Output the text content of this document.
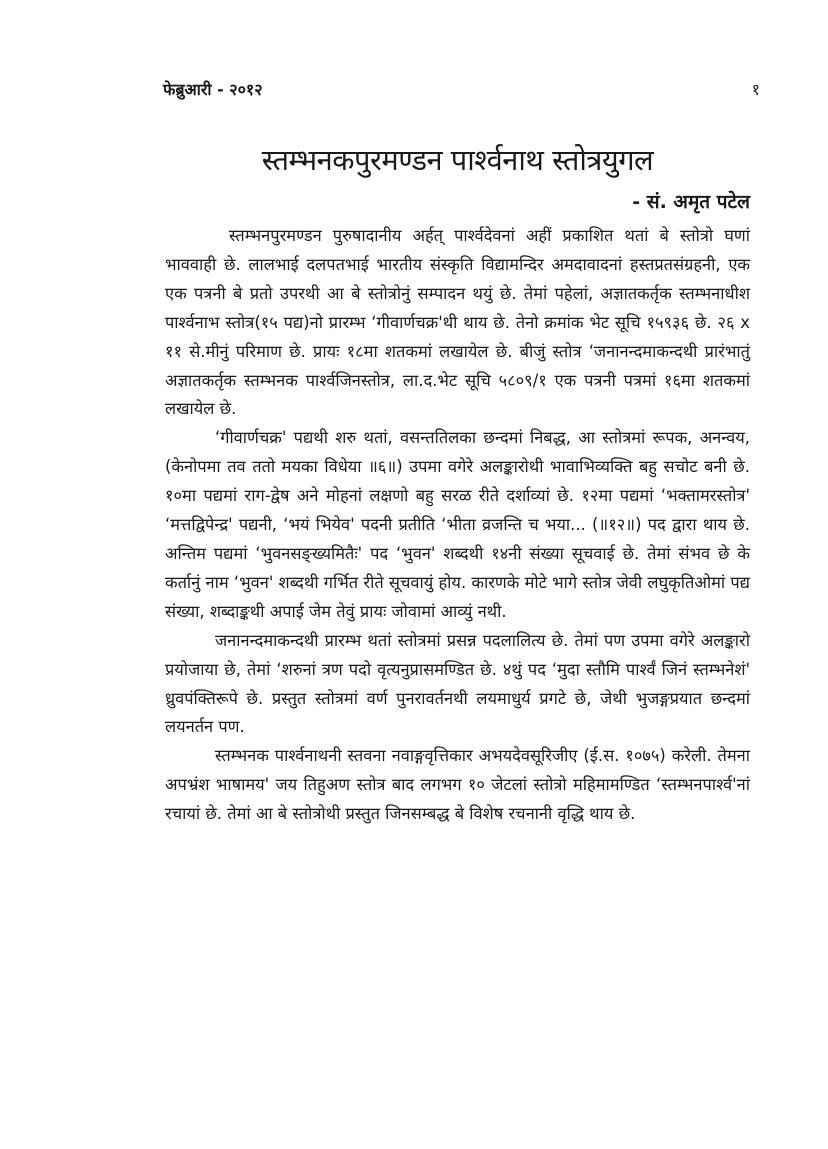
फेब्रुआरी - २०१२	१
स्तम्भनकपुरमण्डन पार्श्वनाथ स्तोत्रयुगल
- सं. अमृत पटेल

स्तम्भनपुरमण्डन पुरुषादानीय अर्हत् पार्श्वदेवनां अहीं प्रकाशित थतां बे स्तोत्रो घणां भाववाही छे. लालभाई दलपतभाई भारतीय संस्कृति विद्यामन्दिर अमदावादनां हस्तप्रतसंग्रहनी, एक एक पत्रनी बे प्रतो उपरथी आ बे स्तोत्रोनुं सम्पादन थयुं छे. तेमां पहेलां, अज्ञातकर्तृक स्तम्भनाधीश पार्श्वनाभ स्तोत्र(१५ पद्य)नो प्रारम्भ ‘गीवार्णचक्र'थी थाय छे. तेनो क्रमांक भेट सूचि १५९३६ छे. २६ x ११ से.मीनुं परिमाण छे. प्रायः १८मा शतकमां लखायेल छे. बीजुं स्तोत्र ‘जनानन्दमाकन्दथी प्रारंभातुं अज्ञातकर्तृक स्तम्भनक पार्श्वजिनस्तोत्र, ला.द.भेट सूचि ५८०९/१ एक पत्रनी पत्रमां १६मा शतकमां लखायेल छे.

‘गीवार्णचक्र' पद्यथी शरु थतां, वसन्ततिलका छन्दमां निबद्ध, आ स्तोत्रमां रूपक, अनन्वय, (केनोपमा तव ततो मयका विधेया ॥६॥) उपमा वगेरे अलङ्कारोथी भावाभिव्यक्ति बहु सचोट बनी छे. १०मा पद्यमां राग-द्वेष अने मोहनां लक्षणो बहु सरळ रीते दर्शाव्यां छे. १२मा पद्यमां ‘भक्तामरस्तोत्र' ‘मत्तद्विपेन्द्र' पद्यनी, ‘भयं भियेव' पदनी प्रतीति ‘भीता व्रजन्ति च भया... (॥१२॥) पद द्वारा थाय छे. अन्तिम पद्यमां ‘भुवनसङ्ख्यमितैः' पद ‘भुवन' शब्दथी १४नी संख्या सूचवाई छे. तेमां संभव छे के कर्तानुं नाम ‘भुवन' शब्दथी गर्भित रीते सूचवायुं होय. कारणके मोटे भागे स्तोत्र जेवी लघुकृतिओमां पद्य संख्या, शब्दाङ्कथी अपाई जेम तेवुं प्रायः जोवामां आव्युं नथी.

जनानन्दमाकन्दथी प्रारम्भ थतां स्तोत्रमां प्रसन्न पदलालित्य छे. तेमां पण उपमा वगेरे अलङ्कारो प्रयोजाया छे, तेमां ‘शरुनां त्रण पदो वृत्यनुप्रासमण्डित छे. ४थुं पद ‘मुदा स्तौमि पार्श्वं जिनं स्तम्भनेशं' ध्रुवपंक्तिरूपे छे. प्रस्तुत स्तोत्रमां वर्ण पुनरावर्तनथी लयमाधुर्य प्रगटे छे, जेथी भुजङ्गप्रयात छन्दमां लयनर्तन पण.

स्तम्भनक पार्श्वनाथनी स्तवना नवाङ्गवृत्तिकार अभयदेवसूरिजीए (ई.स. १०७५) करेली. तेमना अपभ्रंश भाषामय' जय तिहुअण स्तोत्र बाद लगभग १० जेटलां स्तोत्रो महिमामण्डित ‘स्तम्भनपार्श्व'नां रचायां छे. तेमां आ बे स्तोत्रोथी प्रस्तुत जिनसम्बद्ध बे विशेष रचनानी वृद्धि थाय छे.
